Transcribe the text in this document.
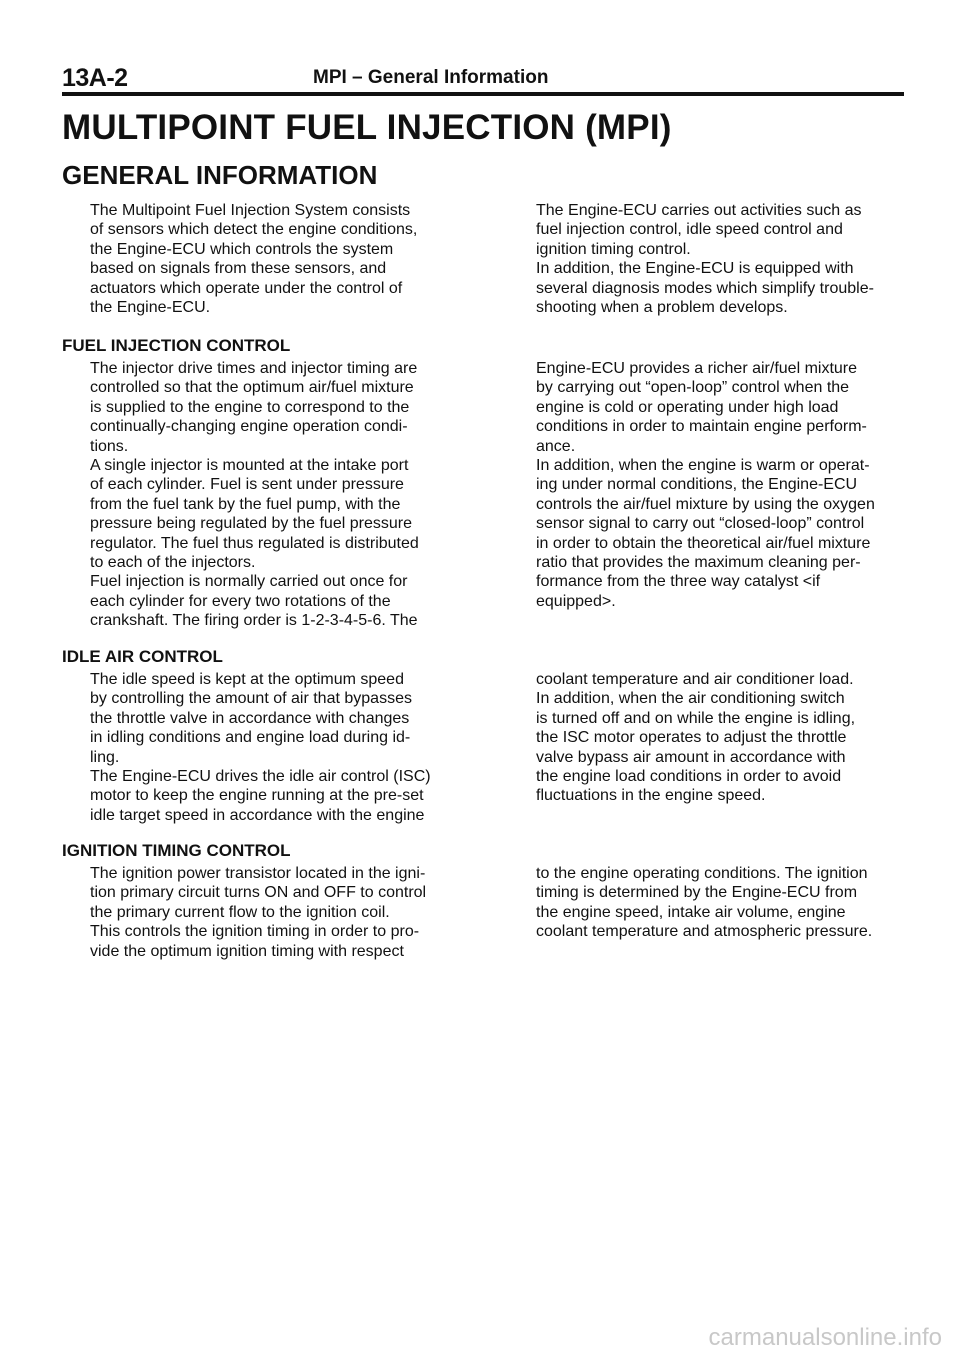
13A-2	MPI – General Information
MULTIPOINT FUEL INJECTION (MPI)
GENERAL INFORMATION

The Multipoint Fuel Injection System consists
of sensors which detect the engine conditions,
the Engine-ECU which controls the system
based on signals from these sensors, and
actuators which operate under the control of
the Engine-ECU.

The Engine-ECU carries out activities such as
fuel injection control, idle speed control and
ignition timing control.
In addition, the Engine-ECU is equipped with
several diagnosis modes which simplify trouble-
shooting when a problem develops.

FUEL INJECTION CONTROL

The injector drive times and injector timing are
controlled so that the optimum air/fuel mixture
is supplied to the engine to correspond to the
continually-changing engine operation condi-
tions.
A single injector is mounted at the intake port
of each cylinder. Fuel is sent under pressure
from the fuel tank by the fuel pump, with the
pressure being regulated by the fuel pressure
regulator. The fuel thus regulated is distributed
to each of the injectors.
Fuel injection is normally carried out once for
each cylinder for every two rotations of the
crankshaft. The firing order is 1-2-3-4-5-6. The

Engine-ECU provides a richer air/fuel mixture
by carrying out “open-loop” control when the
engine is cold or operating under high load
conditions in order to maintain engine perform-
ance.
In addition, when the engine is warm or operat-
ing under normal conditions, the Engine-ECU
controls the air/fuel mixture by using the oxygen
sensor signal to carry out “closed-loop” control
in order to obtain the theoretical air/fuel mixture
ratio that provides the maximum cleaning per-
formance from the three way catalyst <if
equipped>.

IDLE AIR CONTROL

The idle speed is kept at the optimum speed
by controlling the amount of air that bypasses
the throttle valve in accordance with changes
in idling conditions and engine load during id-
ling.
The Engine-ECU drives the idle air control (ISC)
motor to keep the engine running at the pre-set
idle target speed in accordance with the engine

coolant temperature and air conditioner load.
In addition, when the air conditioning switch
is turned off and on while the engine is idling,
the ISC motor operates to adjust the throttle
valve bypass air amount in accordance with
the engine load conditions in order to avoid
fluctuations in the engine speed.

IGNITION TIMING CONTROL

The ignition power transistor located in the igni-
tion primary circuit turns ON and OFF to control
the primary current flow to the ignition coil.
This controls the ignition timing in order to pro-
vide the optimum ignition timing with respect

to the engine operating conditions. The ignition
timing is determined by the Engine-ECU from
the engine speed, intake air volume, engine
coolant temperature and atmospheric pressure.

carmanualsonline.info
